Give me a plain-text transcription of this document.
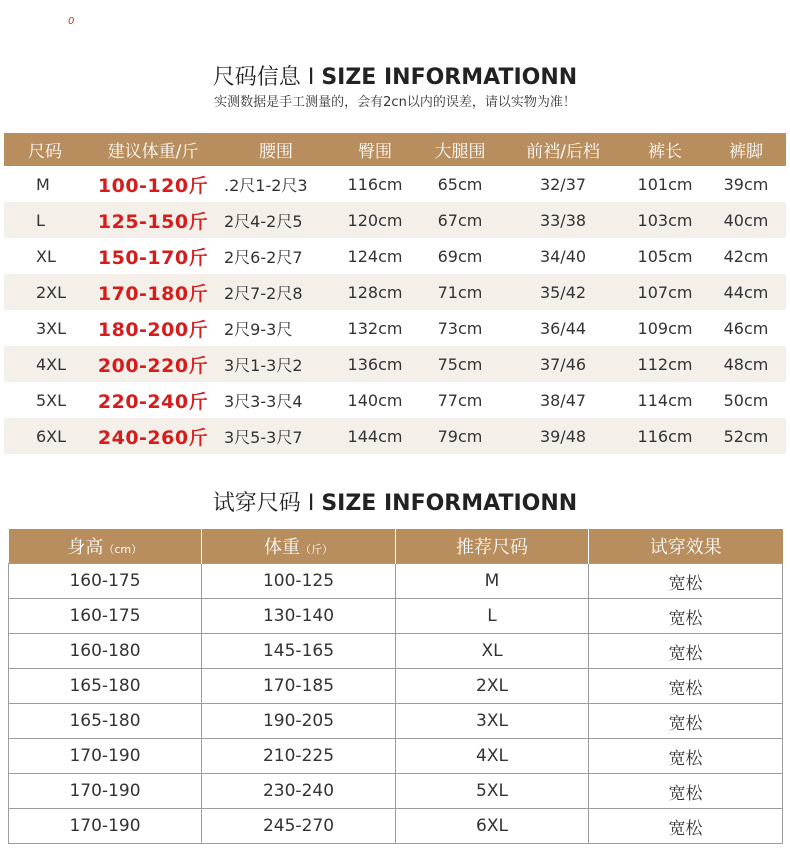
0
尺码信息 I SIZE INFORMATIONN
实测数据是手工测量的，会有2cn以内的误差，请以实物为准！
尺码	建议体重/斤	腰围	臀围	大腿围	前裆/后档	裤长	裤脚
M	100-120斤	.2尺1-2尺3	116cm	65cm	32/37	101cm	39cm
L	125-150斤	2尺4-2尺5	120cm	67cm	33/38	103cm	40cm
XL	150-170斤	2尺6-2尺7	124cm	69cm	34/40	105cm	42cm
2XL	170-180斤	2尺7-2尺8	128cm	71cm	35/42	107cm	44cm
3XL	180-200斤	2尺9-3尺	132cm	73cm	36/44	109cm	46cm
4XL	200-220斤	3尺1-3尺2	136cm	75cm	37/46	112cm	48cm
5XL	220-240斤	3尺3-3尺4	140cm	77cm	38/47	114cm	50cm
6XL	240-260斤	3尺5-3尺7	144cm	79cm	39/48	116cm	52cm
试穿尺码 I SIZE INFORMATIONN
身高（cm）	体重（斤）	推荐尺码	试穿效果
160-175	100-125	M	宽松
160-175	130-140	L	宽松
160-180	145-165	XL	宽松
165-180	170-185	2XL	宽松
165-180	190-205	3XL	宽松
170-190	210-225	4XL	宽松
170-190	230-240	5XL	宽松
170-190	245-270	6XL	宽松
